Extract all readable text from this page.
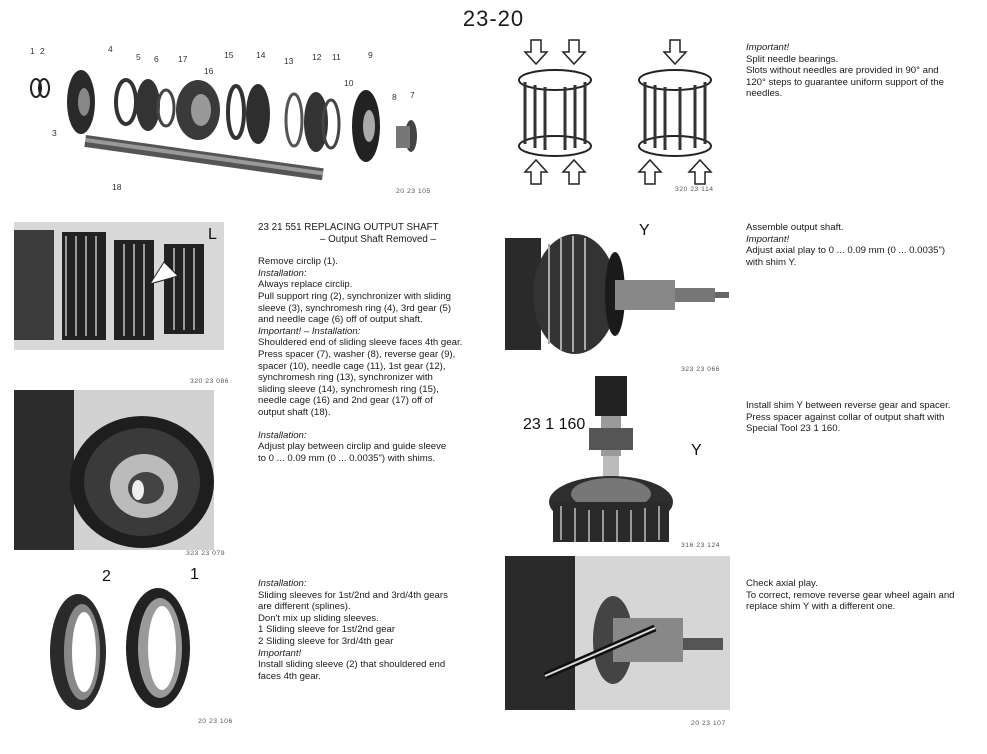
23-20
1 2
3
4
5 6 17
16
15	14
13 12 11	9
10
8 7
18	20 23 105	320 23 114

Important!

Split needle bearings.

Slots without needles are provided in 90° and

120° steps to guarantee uniform support of the

needles.

L
320 23 086

23 21 551 REPLACING OUTPUT SHAFT

– Output Shaft Removed –

Remove circlip (1).

Installation:

Always replace circlip.

Pull support ring (2), synchronizer with sliding

sleeve (3), synchromesh ring (4), 3rd gear (5)

and needle cage (6) off of output shaft.

Important! – Installation:

Shouldered end of sliding sleeve faces 4th gear.

Press spacer (7), washer (8), reverse gear (9),

spacer (10), needle cage (11), 1st gear (12),

synchromesh ring (13), synchronizer with

sliding sleeve (14), synchromesh ring (15),

needle cage (16) and 2nd gear (17) off of

output shaft (18).

Installation:

Adjust play between circlip and guide sleeve

to 0 ... 0.09 mm (0 ... 0.0035") with shims.

323 23 079
2	1
20 23 106

Installation:

Sliding sleeves for 1st/2nd and 3rd/4th gears

are different (splines).

Don't mix up sliding sleeves.

1 Sliding sleeve for 1st/2nd gear

2 Sliding sleeve for 3rd/4th gear

Important!

Install sliding sleeve (2) that shouldered end

faces 4th gear.

Y
323 23 066

Assemble output shaft.

Important!

Adjust axial play to 0 ... 0.09 mm (0 ... 0.0035")

with shim Y.

23 1 160
Y
316 23 124

Install shim Y between reverse gear and spacer.

Press spacer against collar of output shaft with

Special Tool 23 1 160.

20 23 107

Check axial play.

To correct, remove reverse gear wheel again and

replace shim Y with a different one.
